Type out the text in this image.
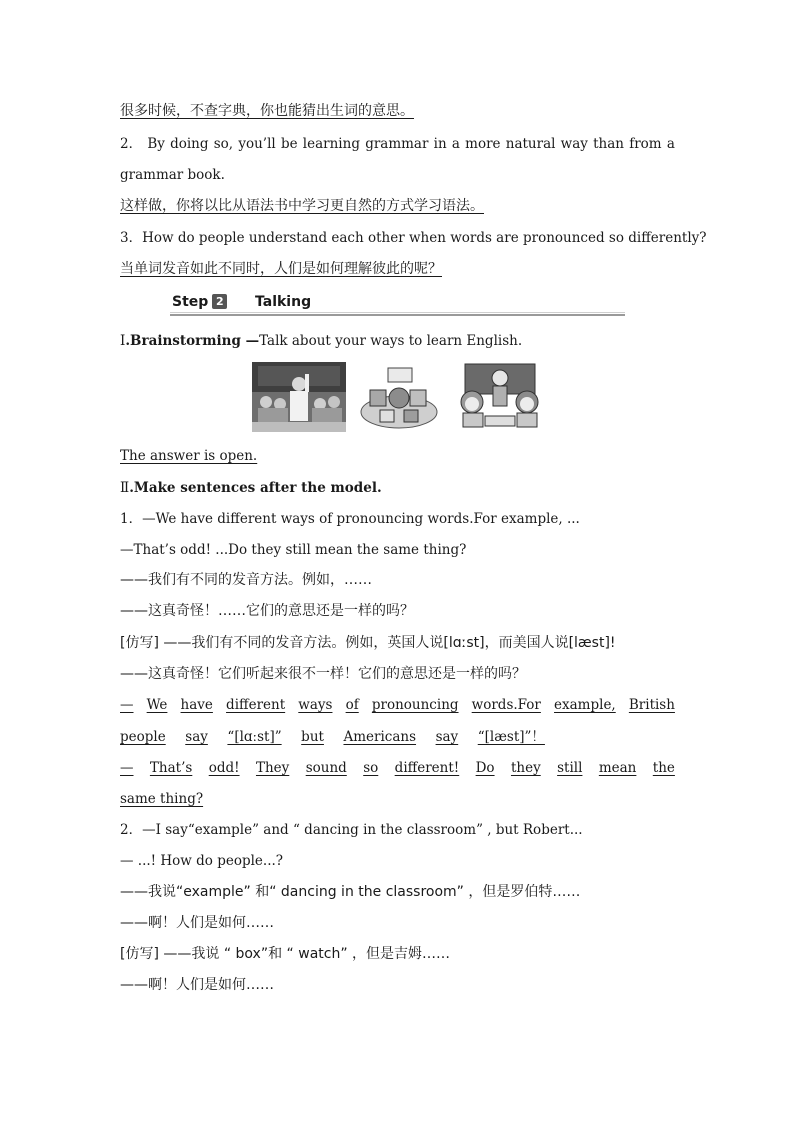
很多时候，不查字典，你也能猜出生词的意思。
2． By doing so, you’ll be learning grammar in a more natural way than from a
grammar book.
这样做，你将以比从语法书中学习更自然的方式学习语法。
3．How do people understand each other when words are pronounced so differently?
当单词发音如此不同时，人们是如何理解彼此的呢？
Step 2 Talking
Ⅰ.Brainstorming —Talk about your ways to learn English.
The answer is open.
Ⅱ.Make sentences after the model.
1．—We have different ways of pronouncing words.For example, ...
—That’s odd! ...Do they still mean the same thing?
——我们有不同的发音方法。例如，……
——这真奇怪！……它们的意思还是一样的吗？
[仿写] ——我们有不同的发音方法。例如，英国人说[lɑːst]，而美国人说[læst]!
——这真奇怪！它们听起来很不一样！它们的意思还是一样的吗？
— We have different ways of pronouncing words.For example, British
people say “[lɑːst]” but Americans say “[læst]”！
— That’s odd! They sound so different! Do they still mean the
same thing?
2．—I say“example” and “ dancing in the classroom” , but Robert...
— ...! How do people...?
——我说“example” 和“ dancing in the classroom” ，但是罗伯特……
——啊！人们是如何……
[仿写] ——我说 “ box”和 “ watch” ，但是吉姆……
——啊！人们是如何……
